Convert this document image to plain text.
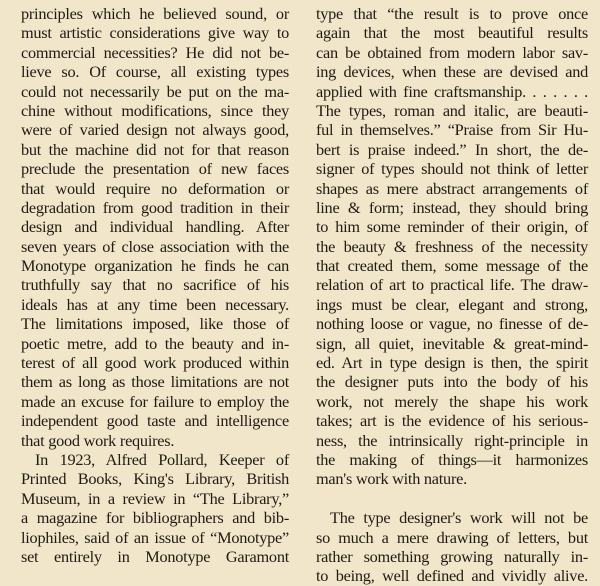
principles which he believed sound, or
must artistic considerations give way to
commercial necessities? He did not be-
lieve so. Of course, all existing types
could not necessarily be put on the ma-
chine without modifications, since they
were of varied design not always good,
but the machine did not for that reason
preclude the presentation of new faces
that would require no deformation or
degradation from good tradition in their
design and individual handling. After
seven years of close association with the
Monotype organization he finds he can
truthfully say that no sacrifice of his
ideals has at any time been necessary.
The limitations imposed, like those of
poetic metre, add to the beauty and in-
terest of all good work produced within
them as long as those limitations are not
made an excuse for failure to employ the
independent good taste and intelligence
that good work requires.
In 1923, Alfred Pollard, Keeper of
Printed Books, King's Library, British
Museum, in a review in “The Library,”
a magazine for bibliographers and bib-
liophiles, said of an issue of “Monotype”
set entirely in Monotype Garamont
type that “the result is to prove once
again that the most beautiful results
can be obtained from modern labor sav-
ing devices, when these are devised and
applied with fine craftsmanship. . . . . . .
The types, roman and italic, are beauti-
ful in themselves.” “Praise from Sir Hu-
bert is praise indeed.” In short, the de-
signer of types should not think of letter
shapes as mere abstract arrangements of
line & form; instead, they should bring
to him some reminder of their origin, of
the beauty & freshness of the necessity
that created them, some message of the
relation of art to practical life. The draw-
ings must be clear, elegant and strong,
nothing loose or vague, no finesse of de-
sign, all quiet, inevitable & great-mind-
ed. Art in type design is then, the spirit
the designer puts into the body of his
work, not merely the shape his work
takes; art is the evidence of his serious-
ness, the intrinsically right-principle in
the making of things—it harmonizes
man's work with nature.
The type designer's work will not be
so much a mere drawing of letters, but
rather something growing naturally in-
to being, well defined and vividly alive.
